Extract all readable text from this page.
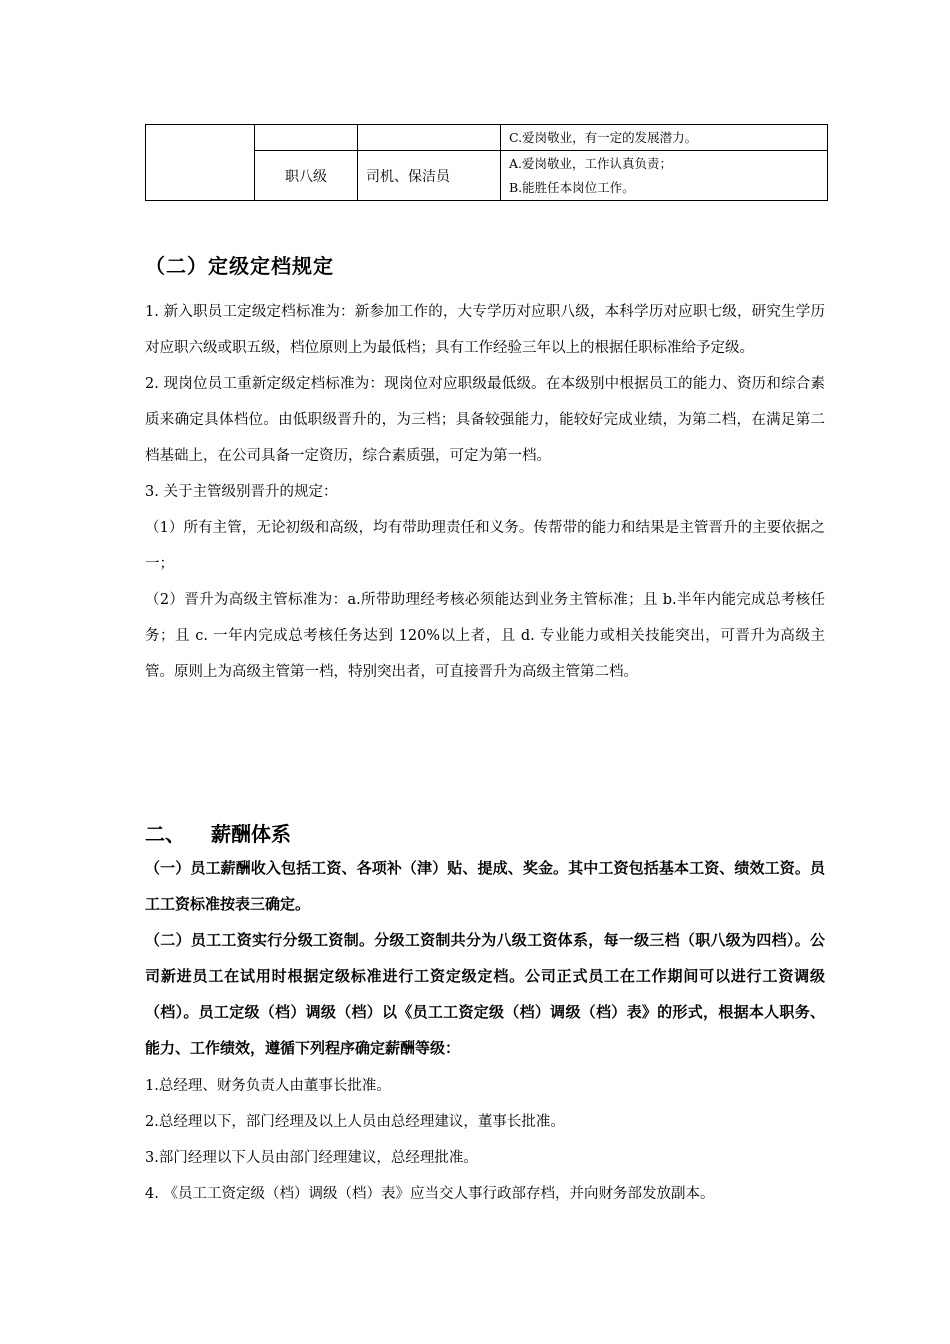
			C.爱岗敬业，有一定的发展潜力。
	职八级	司机、保洁员	A.爱岗敬业，工作认真负责；
B.能胜任本岗位工作。
（二）定级定档规定

1. 新入职员工定级定档标准为：新参加工作的，大专学历对应职八级，本科学历对应职七级，研究生学历对应职六级或职五级，档位原则上为最低档；具有工作经验三年以上的根据任职标准给予定级。

2. 现岗位员工重新定级定档标准为：现岗位对应职级最低级。在本级别中根据员工的能力、资历和综合素质来确定具体档位。由低职级晋升的，为三档；具备较强能力，能较好完成业绩，为第二档，在满足第二档基础上，在公司具备一定资历，综合素质强，可定为第一档。

3. 关于主管级别晋升的规定：

（1）所有主管，无论初级和高级，均有带助理责任和义务。传帮带的能力和结果是主管晋升的主要依据之一；

（2）晋升为高级主管标准为：a.所带助理经考核必须能达到业务主管标准；且 b.半年内能完成总考核任务；且 c. 一年内完成总考核任务达到 120%以上者，且 d. 专业能力或相关技能突出，可晋升为高级主管。原则上为高级主管第一档，特别突出者，可直接晋升为高级主管第二档。

二、 薪酬体系

（一）员工薪酬收入包括工资、各项补（津）贴、提成、奖金。其中工资包括基本工资、绩效工资。员工工资标准按表三确定。

（二）员工工资实行分级工资制。分级工资制共分为八级工资体系，每一级三档（职八级为四档）。公司新进员工在试用时根据定级标准进行工资定级定档。公司正式员工在工作期间可以进行工资调级（档）。员工定级（档）调级（档）以《员工工资定级（档）调级（档）表》的形式，根据本人职务、能力、工作绩效，遵循下列程序确定薪酬等级：

1.总经理、财务负责人由董事长批准。

2.总经理以下，部门经理及以上人员由总经理建议，董事长批准。

3.部门经理以下人员由部门经理建议，总经理批准。

4. 《员工工资定级（档）调级（档）表》应当交人事行政部存档，并向财务部发放副本。
